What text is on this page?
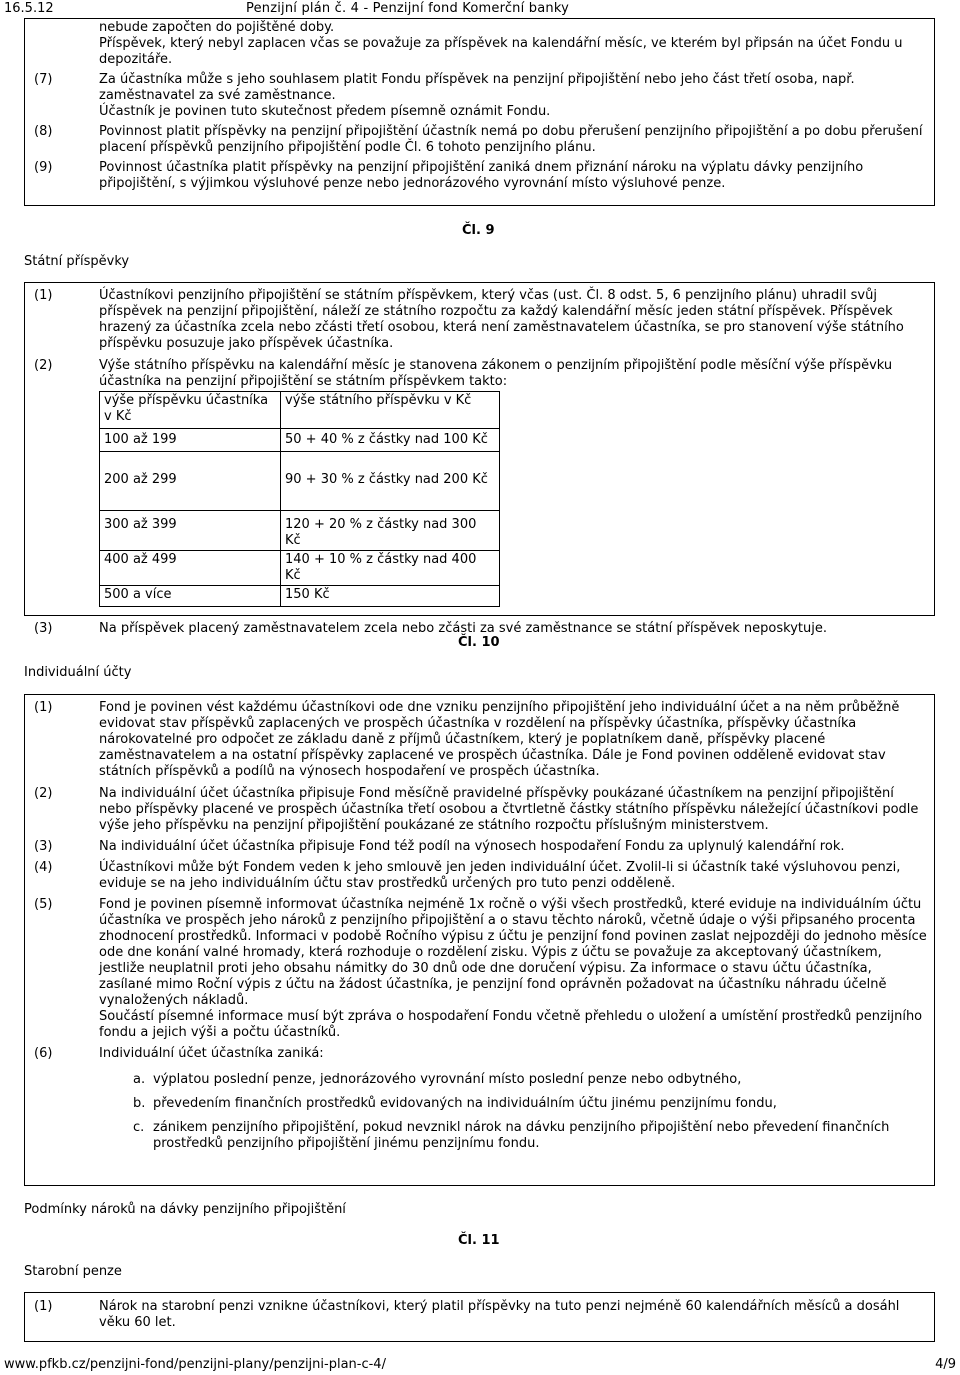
16.5.12	Penzijní plán č. 4 - Penzijní fond Komerční banky
nebude započten do pojištěné doby.
Příspěvek, který nebyl zaplacen včas se považuje za příspěvek na kalendářní měsíc, ve kterém byl připsán na účet Fondu u depozitáře.
(7)	Za účastníka může s jeho souhlasem platit Fondu příspěvek na penzijní připojištění nebo jeho část třetí osoba, např. zaměstnavatel za své zaměstnance.
Účastník je povinen tuto skutečnost předem písemně oznámit Fondu.
(8)	Povinnost platit příspěvky na penzijní připojištění účastník nemá po dobu přerušení penzijního připojištění a po dobu přerušení placení příspěvků penzijního připojištění podle Čl. 6 tohoto penzijního plánu.
(9)	Povinnost účastníka platit příspěvky na penzijní připojištění zaniká dnem přiznání nároku na výplatu dávky penzijního připojištění, s výjimkou výsluhové penze nebo jednorázového vyrovnání místo výsluhové penze.
Čl. 9
Státní příspěvky
(1)	Účastníkovi penzijního připojištění se státním příspěvkem, který včas (ust. Čl. 8 odst. 5, 6 penzijního plánu) uhradil svůj příspěvek na penzijní připojištění, náleží ze státního rozpočtu za každý kalendářní měsíc jeden státní příspěvek. Příspěvek hrazený za účastníka zcela nebo zčásti třetí osobou, která není zaměstnavatelem účastníka, se pro stanovení výše státního příspěvku posuzuje jako příspěvek účastníka.
(2)	Výše státního příspěvku na kalendářní měsíc je stanovena zákonem o penzijním připojištění podle měsíční výše příspěvku účastníka na penzijní připojištění se státním příspěvkem takto:
výše příspěvku účastníka v Kč	výše státního příspěvku v Kč
100 až 199	50 + 40 % z částky nad 100 Kč
200 až 299	90 + 30 % z částky nad 200 Kč
300 až 399	120 + 20 % z částky nad 300 Kč
400 až 499	140 + 10 % z částky nad 400 Kč
500 a více	150 Kč
(3)	Na příspěvek placený zaměstnavatelem zcela nebo zčásti za své zaměstnance se státní příspěvek neposkytuje.
Čl. 10
Individuální účty
(1)	Fond je povinen vést každému účastníkovi ode dne vzniku penzijního připojištění jeho individuální účet a na něm průběžně evidovat stav příspěvků zaplacených ve prospěch účastníka v rozdělení na příspěvky účastníka, příspěvky účastníka nárokovatelné pro odpočet ze základu daně z příjmů účastníkem, který je poplatníkem daně, příspěvky placené zaměstnavatelem a na ostatní příspěvky zaplacené ve prospěch účastníka. Dále je Fond povinen odděleně evidovat stav státních příspěvků a podílů na výnosech hospodaření ve prospěch účastníka.
(2)	Na individuální účet účastníka připisuje Fond měsíčně pravidelné příspěvky poukázané účastníkem na penzijní připojištění nebo příspěvky placené ve prospěch účastníka třetí osobou a čtvrtletně částky státního příspěvku náležející účastníkovi podle výše jeho příspěvku na penzijní připojištění poukázané ze státního rozpočtu příslušným ministerstvem.
(3)	Na individuální účet účastníka připisuje Fond též podíl na výnosech hospodaření Fondu za uplynulý kalendářní rok.
(4)	Účastníkovi může být Fondem veden k jeho smlouvě jen jeden individuální účet. Zvolil-li si účastník také výsluhovou penzi, eviduje se na jeho individuálním účtu stav prostředků určených pro tuto penzi odděleně.
(5)	Fond je povinen písemně informovat účastníka nejméně 1x ročně o výši všech prostředků, které eviduje na individuálním účtu účastníka ve prospěch jeho nároků z penzijního připojištění a o stavu těchto nároků, včetně údaje o výši připsaného procenta zhodnocení prostředků. Informaci v podobě Ročního výpisu z účtu je penzijní fond povinen zaslat nejpozději do jednoho měsíce ode dne konání valné hromady, která rozhoduje o rozdělení zisku. Výpis z účtu se považuje za akceptovaný účastníkem, jestliže neuplatnil proti jeho obsahu námitky do 30 dnů ode dne doručení výpisu. Za informace o stavu účtu účastníka, zasílané mimo Roční výpis z účtu na žádost účastníka, je penzijní fond oprávněn požadovat na účastníku náhradu účelně vynaložených nákladů.
Součástí písemné informace musí být zpráva o hospodaření Fondu včetně přehledu o uložení a umístění prostředků penzijního fondu a jejich výši a počtu účastníků.
(6)	Individuální účet účastníka zaniká:
a. výplatou poslední penze, jednorázového vyrovnání místo poslední penze nebo odbytného,
b. převedením finančních prostředků evidovaných na individuálním účtu jinému penzijnímu fondu,
c. zánikem penzijního připojištění, pokud nevznikl nárok na dávku penzijního připojištění nebo převedení finančních prostředků penzijního připojištění jinému penzijnímu fondu.
Podmínky nároků na dávky penzijního připojištění
Čl. 11
Starobní penze
(1)	Nárok na starobní penzi vznikne účastníkovi, který platil příspěvky na tuto penzi nejméně 60 kalendářních měsíců a dosáhl věku 60 let.
www.pfkb.cz/penzijni-fond/penzijni-plany/penzijni-plan-c-4/	4/9
